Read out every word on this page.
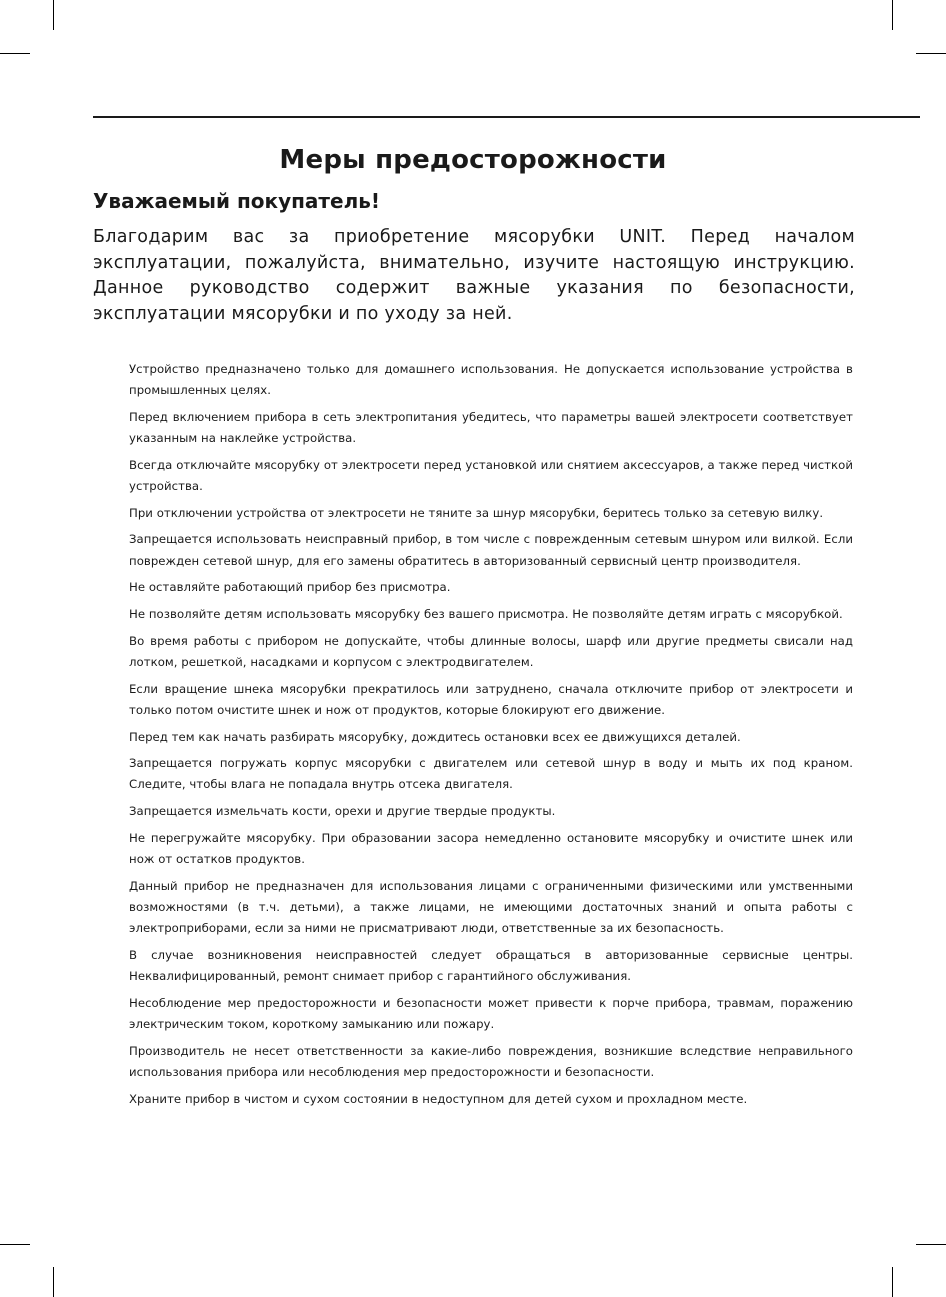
Меры предосторожности
Уважаемый покупатель!

Благодарим вас за приобретение мясорубки UNIT. Перед началом эксплуатации, пожалуйста, внимательно, изучите настоящую инструкцию. Данное руководство содержит важные указания по безопасности, эксплуатации мясорубки и по уходу за ней.

Устройство предназначено только для домашнего использования. Не допускается использование устройства в промышленных целях.
Перед включением прибора в сеть электропитания убедитесь, что параметры вашей электросети соответствует указанным на наклейке устройства.
Всегда отключайте мясорубку от электросети перед установкой или снятием аксессуаров, а также перед чисткой устройства.
При отключении устройства от электросети не тяните за шнур мясорубки, беритесь только за сетевую вилку.
Запрещается использовать неисправный прибор, в том числе с поврежденным сетевым шнуром или вилкой. Если поврежден сетевой шнур, для его замены обратитесь в авторизованный сервисный центр производителя.
Не оставляйте работающий прибор без присмотра.
Не позволяйте детям использовать мясорубку без вашего присмотра. Не позволяйте детям играть с мясорубкой.
Во время работы с прибором не допускайте, чтобы длинные волосы, шарф или другие предметы свисали над лотком, решеткой, насадками и корпусом с электродвигателем.
Если вращение шнека мясорубки прекратилось или затруднено, сначала отключите прибор от электросети и только потом очистите шнек и нож от продуктов, которые блокируют его движение.
Перед тем как начать разбирать мясорубку, дождитесь остановки всех ее движущихся деталей.
Запрещается погружать корпус мясорубки с двигателем или сетевой шнур в воду и мыть их под краном. Следите, чтобы влага не попадала внутрь отсека двигателя.
Запрещается измельчать кости, орехи и другие твердые продукты.
Не перегружайте мясорубку. При образовании засора немедленно остановите мясорубку и очистите шнек или нож от остатков продуктов.
Данный прибор не предназначен для использования лицами с ограниченными физическими или умственными возможностями (в т.ч. детьми), а также лицами, не имеющими достаточных знаний и опыта работы с электроприборами, если за ними не присматривают люди, ответственные за их безопасность.
В случае возникновения неисправностей следует обращаться в авторизованные сервисные центры. Неквалифицированный, ремонт снимает прибор с гарантийного обслуживания.
Несоблюдение мер предосторожности и безопасности может привести к порче прибора, травмам, поражению электрическим током, короткому замыканию или пожару.
Производитель не несет ответственности за какие-либо повреждения, возникшие вследствие неправильного использования прибора или несоблюдения мер предосторожности и безопасности.
Храните прибор в чистом и сухом состоянии в недоступном для детей сухом и прохладном месте.
